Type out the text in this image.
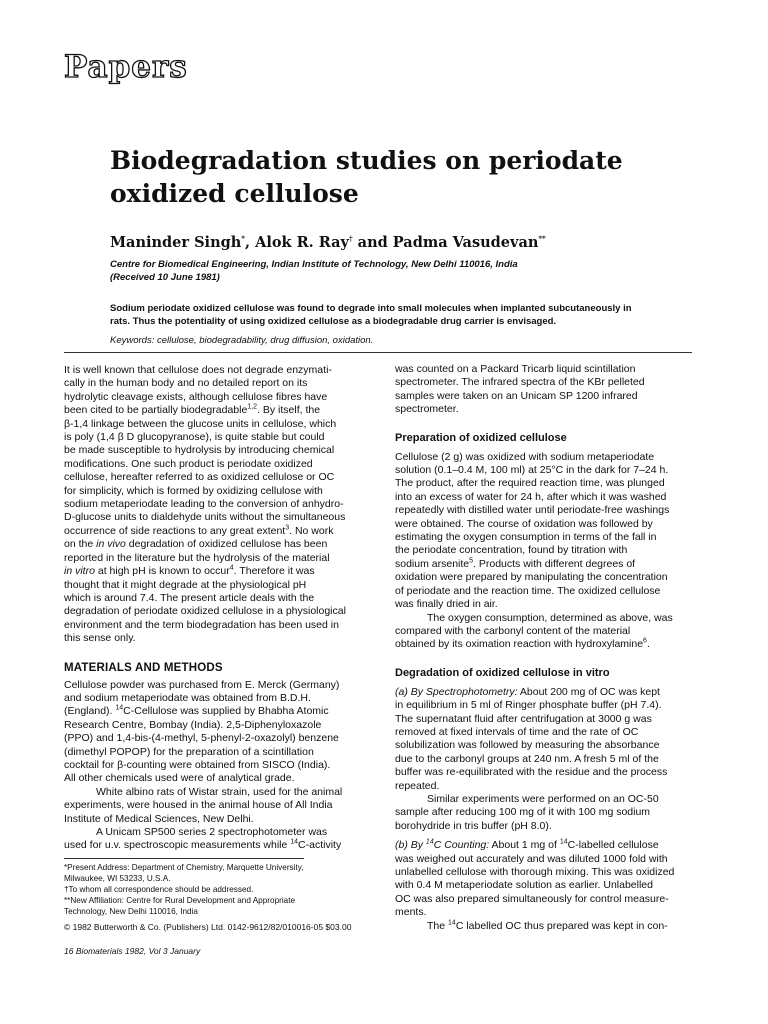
Papers
Biodegradation studies on periodate oxidized cellulose
Maninder Singh*, Alok R. Ray† and Padma Vasudevan**
Centre for Biomedical Engineering, Indian Institute of Technology, New Delhi 110016, India
(Received 10 June 1981)
Sodium periodate oxidized cellulose was found to degrade into small molecules when implanted subcutaneously in rats. Thus the potentiality of using oxidized cellulose as a biodegradable drug carrier is envisaged.
Keywords: cellulose, biodegradability, drug diffusion, oxidation.

It is well known that cellulose does not degrade enzymati-
cally in the human body and no detailed report on its
hydrolytic cleavage exists, although cellulose fibres have
been cited to be partially biodegradable$^{1,2}$. By itself, the
β-1,4 linkage between the glucose units in cellulose, which
is poly (1,4 β D glucopyranose), is quite stable but could
be made susceptible to hydrolysis by introducing chemical
modifications. One such product is periodate oxidized
cellulose, hereafter referred to as oxidized cellulose or OC
for simplicity, which is formed by oxidizing cellulose with
sodium metaperiodate leading to the conversion of anhydro-
D-glucose units to dialdehyde units without the simultaneous
occurrence of side reactions to any great extent$^3$. No work
on the in vivo degradation of oxidized cellulose has been
reported in the literature but the hydrolysis of the material
in vitro at high pH is known to occur$^4$. Therefore it was
thought that it might degrade at the physiological pH
which is around 7.4. The present article deals with the
degradation of periodate oxidized cellulose in a physiological
environment and the term biodegradation has been used in
this sense only.

MATERIALS AND METHODS

Cellulose powder was purchased from E. Merck (Germany)
and sodium metaperiodate was obtained from B.D.H.
(England). $^{14}$C-Cellulose was supplied by Bhabha Atomic
Research Centre, Bombay (India). 2,5-Diphenyloxazole
(PPO) and 1,4-bis-(4-methyl, 5-phenyl-2-oxazolyl) benzene
(dimethyl POPOP) for the preparation of a scintillation
cocktail for β-counting were obtained from SISCO (India).
All other chemicals used were of analytical grade.

White albino rats of Wistar strain, used for the animal
experiments, were housed in the animal house of All India
Institute of Medical Sciences, New Delhi.

A Unicam SP500 series 2 spectrophotometer was
used for u.v. spectroscopic measurements while $^{14}$C-activity

was counted on a Packard Tricarb liquid scintillation
spectrometer. The infrared spectra of the KBr pelleted
samples were taken on an Unicam SP 1200 infrared
spectrometer.

Preparation of oxidized cellulose

Cellulose (2 g) was oxidized with sodium metaperiodate
solution (0.1–0.4 M, 100 ml) at 25°C in the dark for 7–24 h.
The product, after the required reaction time, was plunged
into an excess of water for 24 h, after which it was washed
repeatedly with distilled water until periodate-free washings
were obtained. The course of oxidation was followed by
estimating the oxygen consumption in terms of the fall in
the periodate concentration, found by titration with
sodium arsenite$^5$. Products with different degrees of
oxidation were prepared by manipulating the concentration
of periodate and the reaction time. The oxidized cellulose
was finally dried in air.

The oxygen consumption, determined as above, was
compared with the carbonyl content of the material
obtained by its oximation reaction with hydroxylamine$^6$.

Degradation of oxidized cellulose in vitro

(a) By Spectrophotometry: About 200 mg of OC was kept
in equilibrium in 5 ml of Ringer phosphate buffer (pH 7.4).
The supernatant fluid after centrifugation at 3000 g was
removed at fixed intervals of time and the rate of OC
solubilization was followed by measuring the absorbance
due to the carbonyl groups at 240 nm. A fresh 5 ml of the
buffer was re-equilibrated with the residue and the process
repeated.

Similar experiments were performed on an OC-50
sample after reducing 100 mg of it with 100 mg sodium
borohydride in tris buffer (pH 8.0).

(b) By $^{14}$C Counting: About 1 mg of $^{14}$C-labelled cellulose
was weighed out accurately and was diluted 1000 fold with
unlabelled cellulose with thorough mixing. This was oxidized
with 0.4 M metaperiodate solution as earlier. Unlabelled
OC was also prepared simultaneously for control measure-
ments.

The $^{14}$C labelled OC thus prepared was kept in con-

*Present Address: Department of Chemistry, Marquette University,
Milwaukee, WI 53233, U.S.A.
†To whom all correspondence should be addressed.
**New Affiliation: Centre for Rural Development and Appropriate
Technology, New Delhi 110016, India
© 1982 Butterworth & Co. (Publishers) Ltd. 0142-9612/82/010016-05 $03.00
16 Biomaterials 1982, Vol 3 January
